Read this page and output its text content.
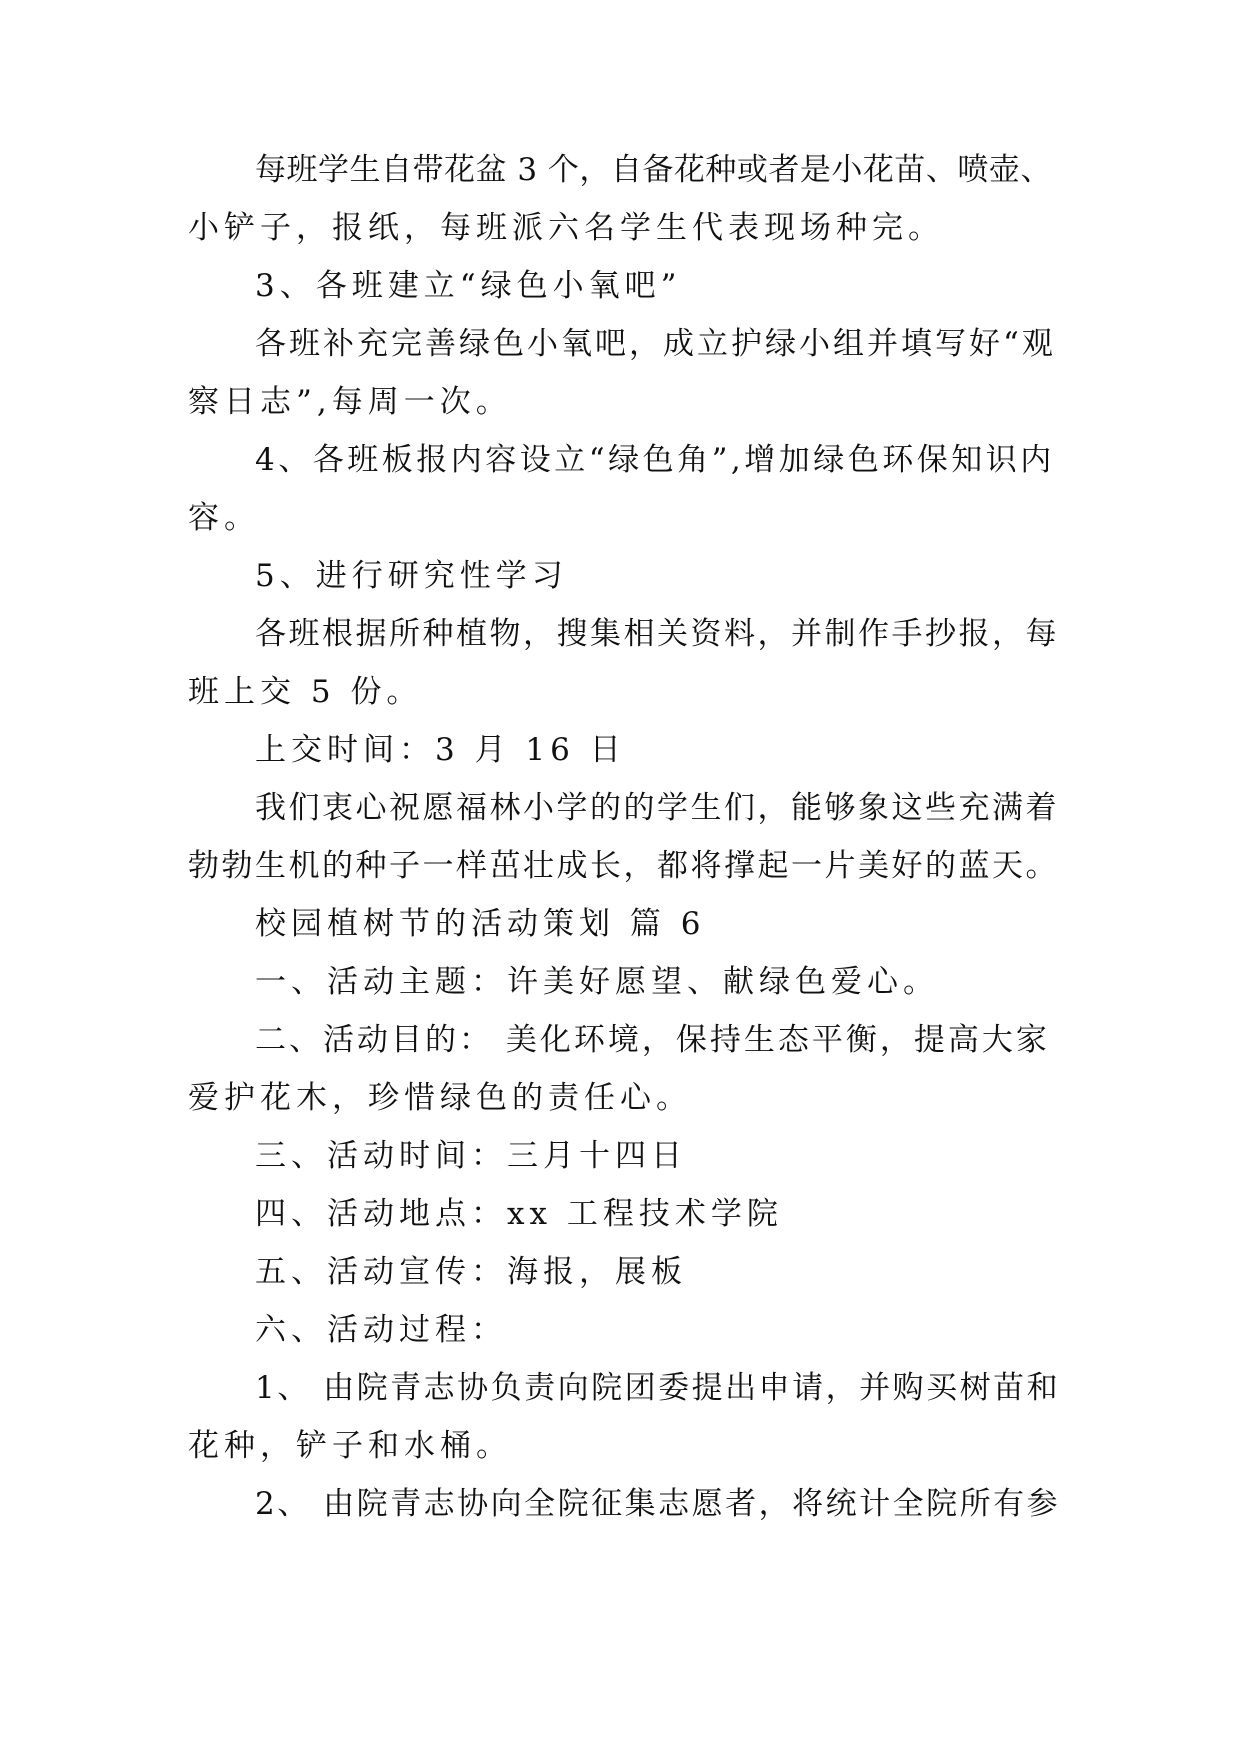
每班学生自带花盆 3 个，自备花种或者是小花苗、喷壶、
小铲子，报纸，每班派六名学生代表现场种完。
3、各班建立“绿色小氧吧”
各班补充完善绿色小氧吧，成立护绿小组并填写好“观
察日志”,每周一次。
4、各班板报内容设立“绿色角”,增加绿色环保知识内
容。
5、进行研究性学习
各班根据所种植物，搜集相关资料，并制作手抄报，每
班上交 5 份。
上交时间：3 月 16 日
我们衷心祝愿福林小学的的学生们，能够象这些充满着
勃勃生机的种子一样茁壮成长，都将撑起一片美好的蓝天。
校园植树节的活动策划 篇 6
一、活动主题：许美好愿望、献绿色爱心。
二、活动目的： 美化环境，保持生态平衡，提高大家
爱护花木，珍惜绿色的责任心。
三、活动时间：三月十四日
四、活动地点：xx 工程技术学院
五、活动宣传：海报，展板
六、活动过程：
1、 由院青志协负责向院团委提出申请，并购买树苗和
花种，铲子和水桶。
2、 由院青志协向全院征集志愿者，将统计全院所有参
